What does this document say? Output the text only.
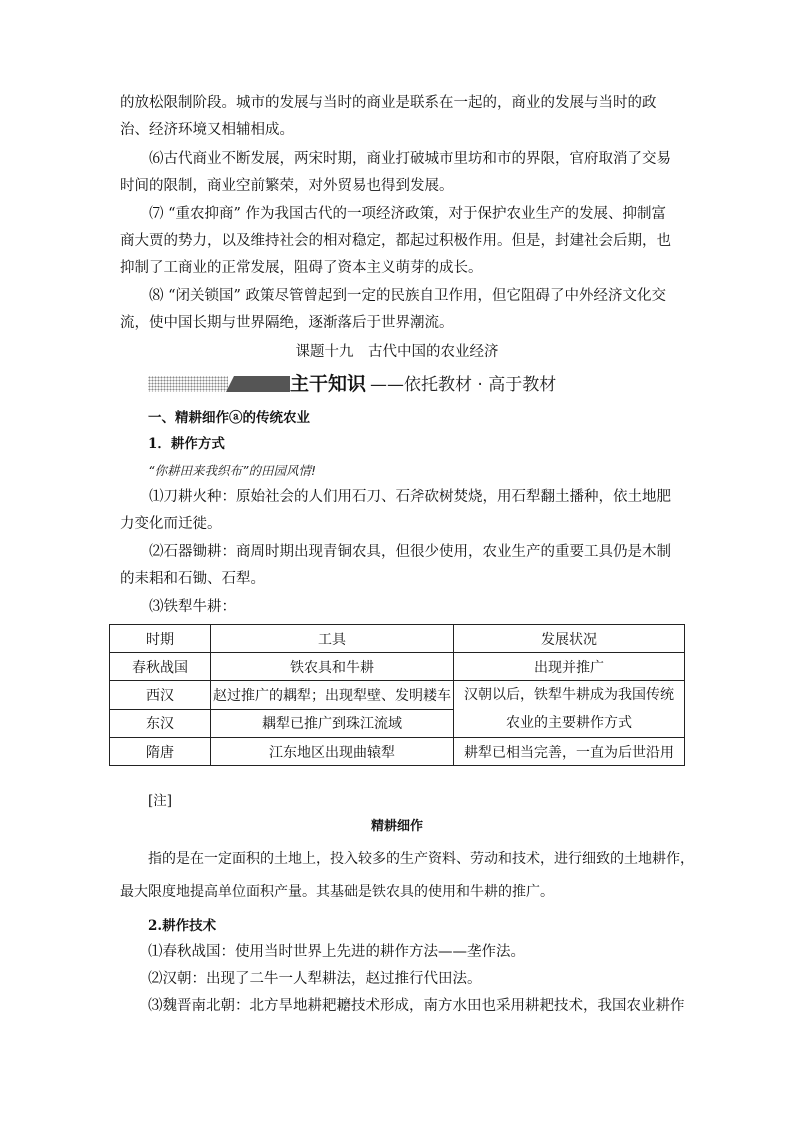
的放松限制阶段。城市的发展与当时的商业是联系在一起的，商业的发展与当时的政治、经济环境又相辅相成。

⑹古代商业不断发展，两宋时期，商业打破城市里坊和市的界限，官府取消了交易时间的限制，商业空前繁荣，对外贸易也得到发展。

⑺ “重农抑商” 作为我国古代的一项经济政策，对于保护农业生产的发展、抑制富商大贾的势力，以及维持社会的相对稳定，都起过积极作用。但是，封建社会后期，也抑制了工商业的正常发展，阻碍了资本主义萌芽的成长。

⑻ “闭关锁国” 政策尽管曾起到一定的民族自卫作用，但它阻碍了中外经济文化交流，使中国长期与世界隔绝，逐渐落后于世界潮流。

课题十九　古代中国的农业经济
主干知识 ——依托教材 · 高于教材
一、精耕细作ⓐ的传统农业
1．耕作方式
“你耕田来我织布”的田园风情!

⑴刀耕火种：原始社会的人们用石刀、石斧砍树焚烧，用石犁翻土播种，依土地肥力变化而迁徙。

⑵石器锄耕：商周时期出现青铜农具，但很少使用，农业生产的重要工具仍是木制的耒耜和石锄、石犁。

⑶铁犁牛耕：

时期	工具	发展状况
春秋战国	铁农具和牛耕	出现并推广
西汉	赵过推广的耦犁；出现犁壁、发明耧车	汉朝以后，铁犁牛耕成为我国传统
农业的主要耕作方式
东汉	耦犁已推广到珠江流域	
隋唐	江东地区出现曲辕犁	耕犁已相当完善，一直为后世沿用
[注]
精耕细作
指的是在一定面积的土地上，投入较多的生产资料、劳动和技术，进行细致的土地耕作，
最大限度地提高单位面积产量。其基础是铁农具的使用和牛耕的推广。
2.耕作技术
⑴春秋战国：使用当时世界上先进的耕作方法——垄作法。
⑵汉朝：出现了二牛一人犁耕法，赵过推行代田法。
⑶魏晋南北朝：北方旱地耕耙耱技术形成，南方水田也采用耕耙技术，我国农业耕作
